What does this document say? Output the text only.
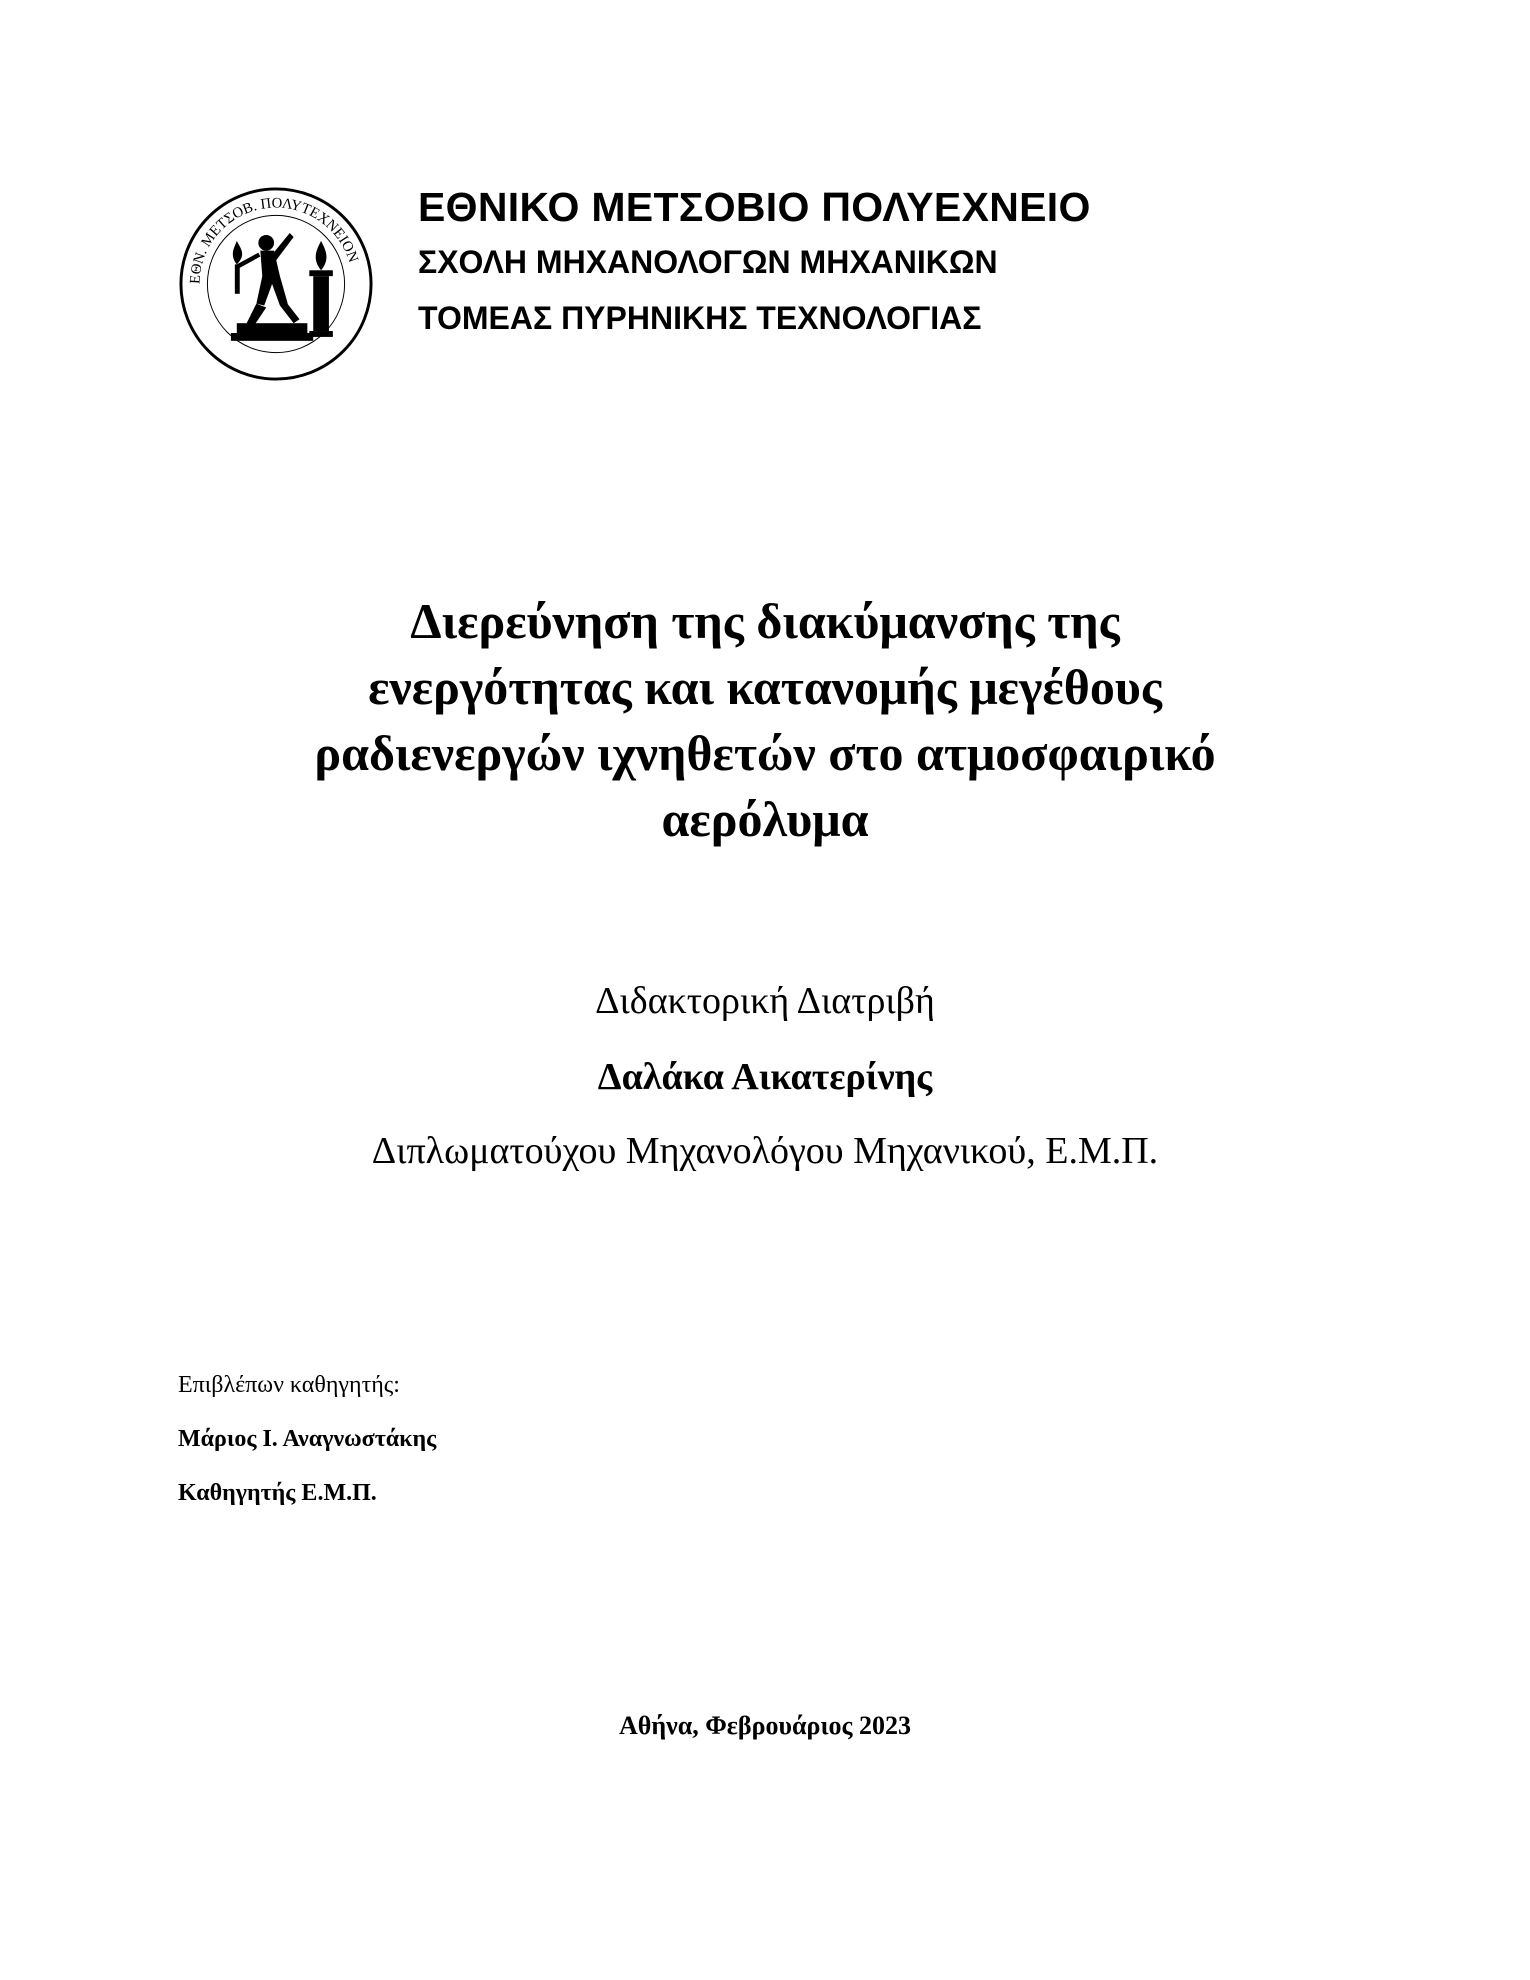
ΕΘΝ. ΜΕΤΣΟΒ. ΠΟΛΥΤΕΧΝΕΙΟΝ
ΕΘΝΙΚΟ ΜΕΤΣΟΒΙΟ ΠΟΛΥΕΧΝΕΙΟ
ΣΧΟΛΗ ΜΗΧΑΝΟΛΟΓΩΝ ΜΗΧΑΝΙΚΩΝ
ΤΟΜΕΑΣ ΠΥΡΗΝΙΚΗΣ ΤΕΧΝΟΛΟΓΙΑΣ
Διερεύνηση της διακύμανσης της
ενεργότητας και κατανομής μεγέθους
ραδιενεργών ιχνηθετών στο ατμοσφαιρικό
αερόλυμα
Διδακτορική Διατριβή
Δαλάκα Αικατερίνης
Διπλωματούχου Μηχανολόγου Μηχανικού, Ε.Μ.Π.
Επιβλέπων καθηγητής:
Μάριος Ι. Αναγνωστάκης
Καθηγητής Ε.Μ.Π.
Αθήνα, Φεβρουάριος 2023
